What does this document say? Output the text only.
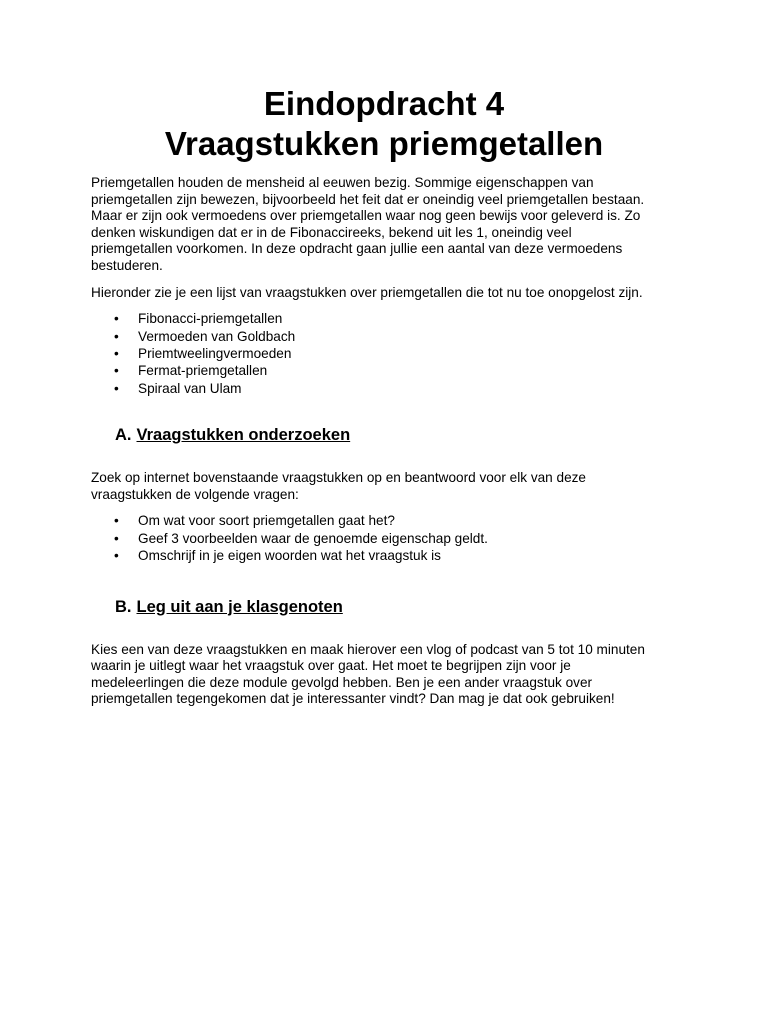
Eindopdracht 4
Vraagstukken priemgetallen

Priemgetallen houden de mensheid al eeuwen bezig. Sommige eigenschappen van
priemgetallen zijn bewezen, bijvoorbeeld het feit dat er oneindig veel priemgetallen bestaan.
Maar er zijn ook vermoedens over priemgetallen waar nog geen bewijs voor geleverd is. Zo
denken wiskundigen dat er in de Fibonaccireeks, bekend uit les 1, oneindig veel
priemgetallen voorkomen. In deze opdracht gaan jullie een aantal van deze vermoedens
bestuderen.

Hieronder zie je een lijst van vraagstukken over priemgetallen die tot nu toe onopgelost zijn.

• Fibonacci-priemgetallen
• Vermoeden van Goldbach
• Priemtweelingvermoeden
• Fermat-priemgetallen
• Spiraal van Ulam
A. Vraagstukken onderzoeken

Zoek op internet bovenstaande vraagstukken op en beantwoord voor elk van deze
vraagstukken de volgende vragen:

• Om wat voor soort priemgetallen gaat het?
• Geef 3 voorbeelden waar de genoemde eigenschap geldt.
• Omschrijf in je eigen woorden wat het vraagstuk is
B. Leg uit aan je klasgenoten

Kies een van deze vraagstukken en maak hierover een vlog of podcast van 5 tot 10 minuten
waarin je uitlegt waar het vraagstuk over gaat. Het moet te begrijpen zijn voor je
medeleerlingen die deze module gevolgd hebben. Ben je een ander vraagstuk over
priemgetallen tegengekomen dat je interessanter vindt? Dan mag je dat ook gebruiken!
